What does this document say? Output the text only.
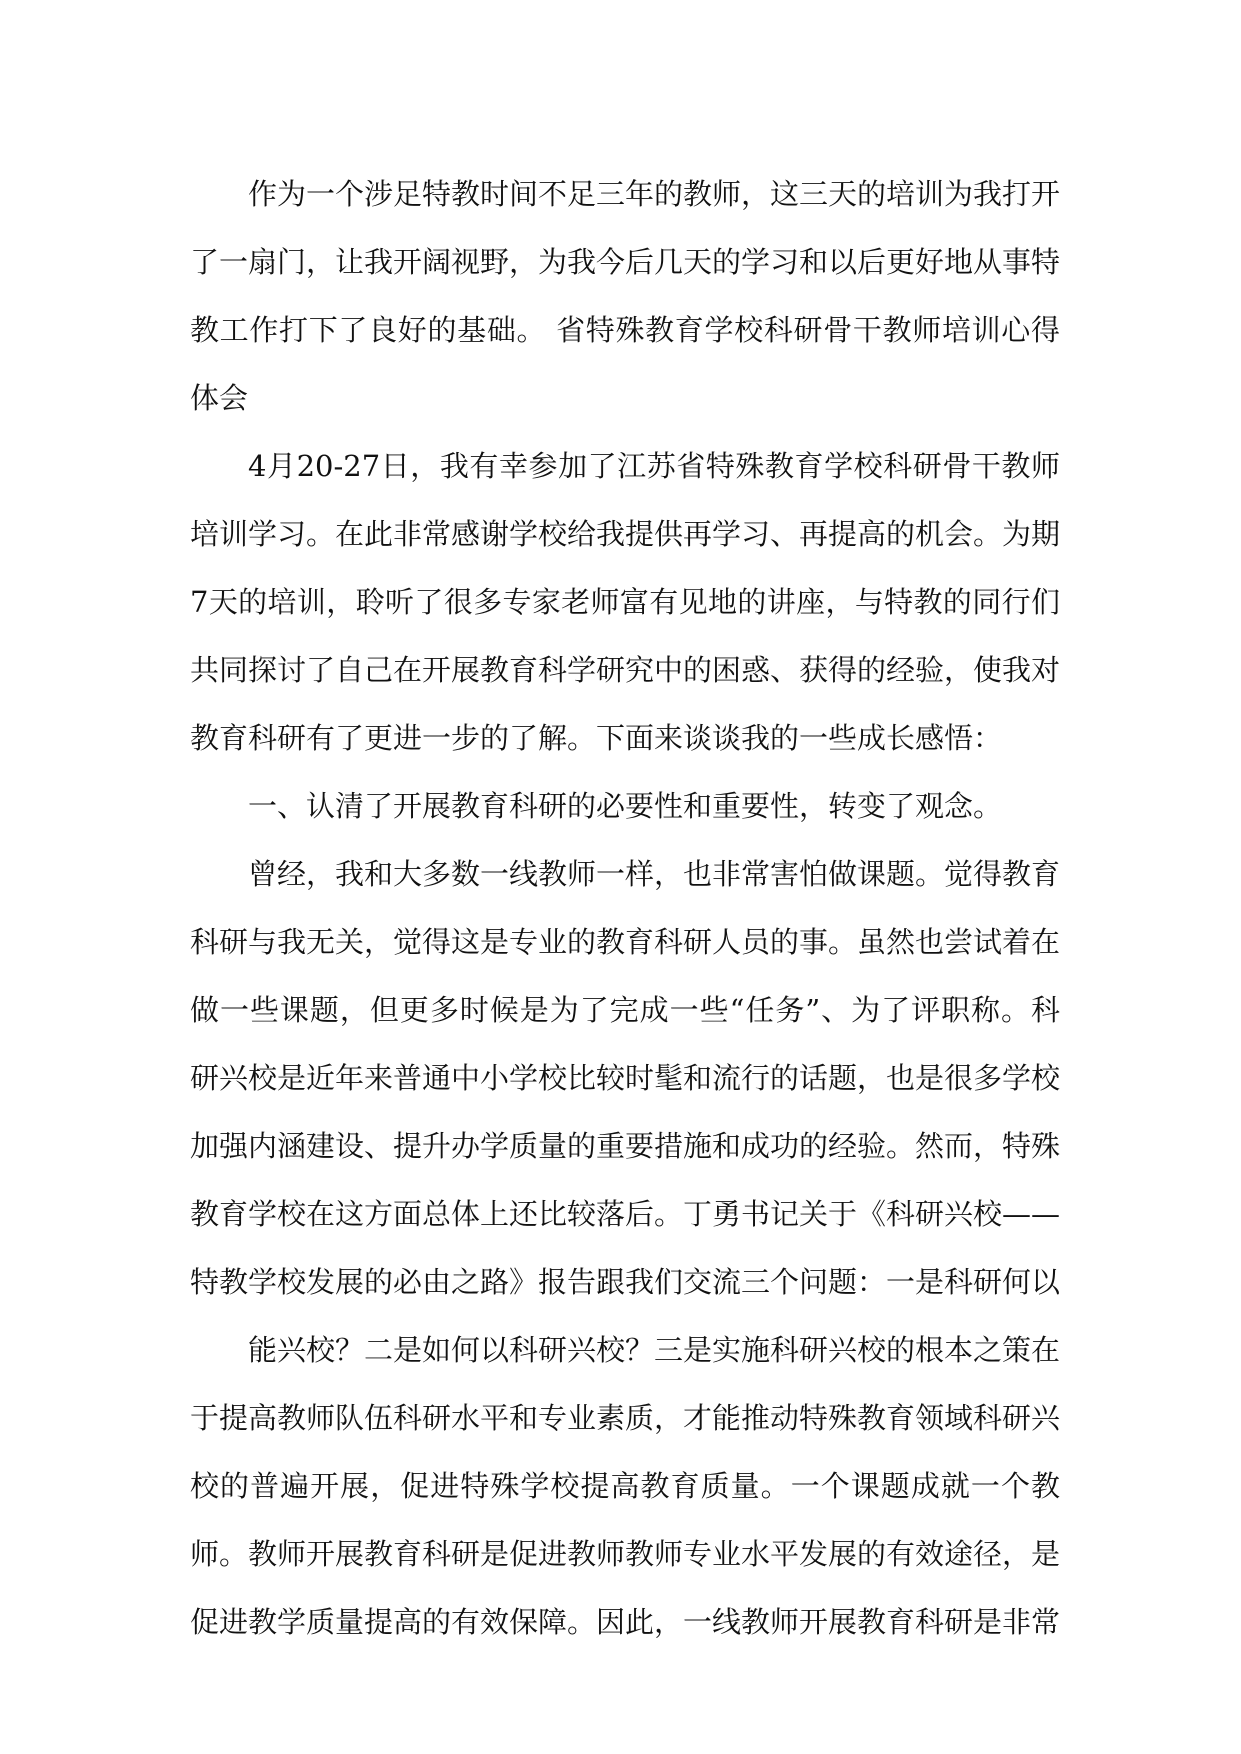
作为一个涉足特教时间不足三年的教师，这三天的培训为我打开了一扇门，让我开阔视野，为我今后几天的学习和以后更好地从事特教工作打下了良好的基础。 省特殊教育学校科研骨干教师培训心得体会

4月20-27日，我有幸参加了江苏省特殊教育学校科研骨干教师培训学习。在此非常感谢学校给我提供再学习、再提高的机会。为期7天的培训，聆听了很多专家老师富有见地的讲座，与特教的同行们共同探讨了自己在开展教育科学研究中的困惑、获得的经验，使我对教育科研有了更进一步的了解。下面来谈谈我的一些成长感悟：

一、认清了开展教育科研的必要性和重要性，转变了观念。

曾经，我和大多数一线教师一样，也非常害怕做课题。觉得教育科研与我无关，觉得这是专业的教育科研人员的事。虽然也尝试着在做一些课题，但更多时候是为了完成一些“任务”、为了评职称。科研兴校是近年来普通中小学校比较时髦和流行的话题，也是很多学校加强内涵建设、提升办学质量的重要措施和成功的经验。然而，特殊教育学校在这方面总体上还比较落后。丁勇书记关于《科研兴校——特教学校发展的必由之路》报告跟我们交流三个问题：一是科研何以

能兴校？二是如何以科研兴校？三是实施科研兴校的根本之策在于提高教师队伍科研水平和专业素质，才能推动特殊教育领域科研兴校的普遍开展，促进特殊学校提高教育质量。一个课题成就一个教师。教师开展教育科研是促进教师教师专业水平发展的有效途径，是促进教学质量提高的有效保障。因此，一线教师开展教育科研是非常
